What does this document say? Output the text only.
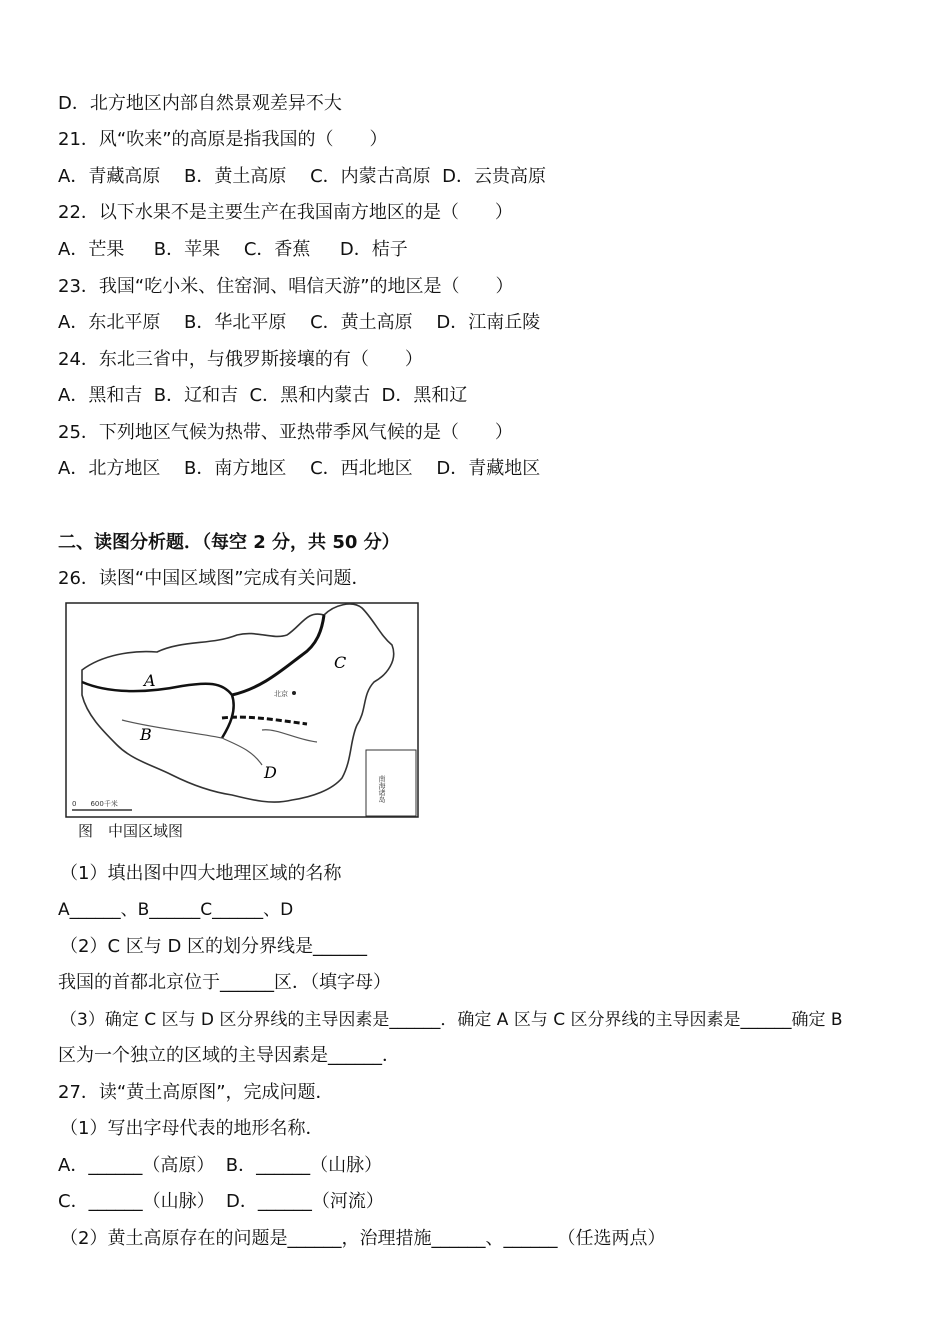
D．北方地区内部自然景观差异不大
21．风“吹来”的高原是指我国的（　　）
A．青藏高原　 B．黄土高原　 C．内蒙古高原  D．云贵高原
22．以下水果不是主要生产在我国南方地区的是（　　）
A．芒果　  B．苹果　 C．香蕉　  D．桔子
23．我国“吃小米、住窑洞、唱信天游”的地区是（　　）
A．东北平原　 B．华北平原　 C．黄土高原　 D．江南丘陵
24．东北三省中，与俄罗斯接壤的有（　　）
A．黑和吉  B．辽和吉  C．黑和内蒙古  D．黑和辽
25．下列地区气候为热带、亚热带季风气候的是（　　）
A．北方地区　 B．南方地区　 C．西北地区　 D．青藏地区
二、读图分析题．（每空 2 分，共 50 分）
26．读图“中国区域图”完成有关问题．
A
B
C
D
北京
南海诸岛
0　　600千米
图　中国区域图
（1）填出图中四大地理区域的名称
A______、B______C______、D
（2）C 区与 D 区的划分界线是______
我国的首都北京位于______区．（填字母）
（3）确定 C 区与 D 区分界线的主导因素是______．确定 A 区与 C 区分界线的主导因素是______确定 B
区为一个独立的区域的主导因素是______．
27．读“黄土高原图”，完成问题．
（1）写出字母代表的地形名称．
A．______（高原）  B．______（山脉）
C．______（山脉）  D．______（河流）
（2）黄土高原存在的问题是______，治理措施______、______（任选两点）
